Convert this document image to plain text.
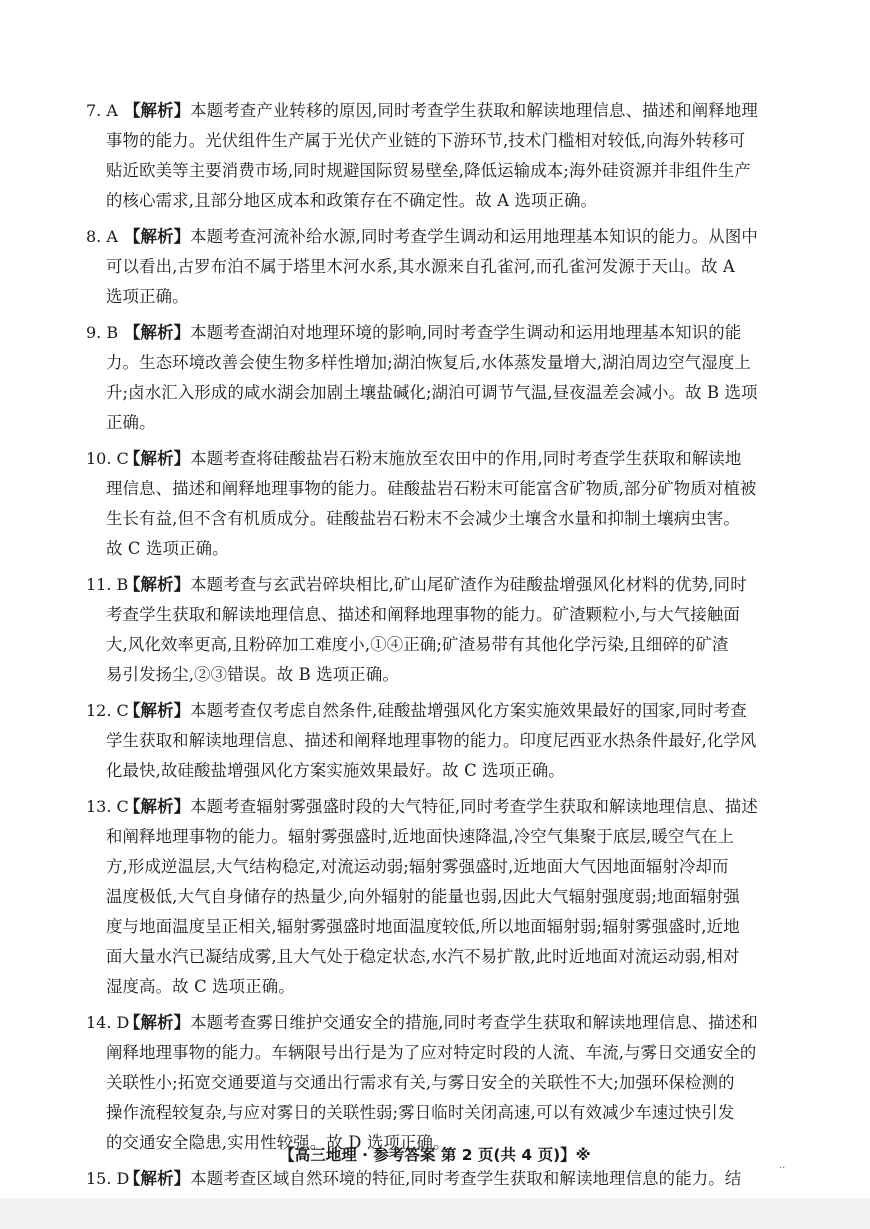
7. A 【解析】本题考查产业转移的原因,同时考查学生获取和解读地理信息、描述和阐释地理
事物的能力。光伏组件生产属于光伏产业链的下游环节,技术门槛相对较低,向海外转移可
贴近欧美等主要消费市场,同时规避国际贸易壁垒,降低运输成本;海外硅资源并非组件生产
的核心需求,且部分地区成本和政策存在不确定性。故 A 选项正确。
8. A 【解析】本题考查河流补给水源,同时考查学生调动和运用地理基本知识的能力。从图中
可以看出,古罗布泊不属于塔里木河水系,其水源来自孔雀河,而孔雀河发源于天山。故 A
选项正确。
9. B 【解析】本题考查湖泊对地理环境的影响,同时考查学生调动和运用地理基本知识的能
力。生态环境改善会使生物多样性增加;湖泊恢复后,水体蒸发量增大,湖泊周边空气湿度上
升;卤水汇入形成的咸水湖会加剧土壤盐碱化;湖泊可调节气温,昼夜温差会减小。故 B 选项
正确。
10. C
【解析】本题考查将硅酸盐岩石粉末施放至农田中的作用,同时考查学生获取和解读地
理信息、描述和阐释地理事物的能力。硅酸盐岩石粉末可能富含矿物质,部分矿物质对植被
生长有益,但不含有机质成分。硅酸盐岩石粉末不会减少土壤含水量和抑制土壤病虫害。
故 C 选项正确。
11. B
【解析】本题考查与玄武岩碎块相比,矿山尾矿渣作为硅酸盐增强风化材料的优势,同时
考查学生获取和解读地理信息、描述和阐释地理事物的能力。矿渣颗粒小,与大气接触面
大,风化效率更高,且粉碎加工难度小,①④正确;矿渣易带有其他化学污染,且细碎的矿渣
易引发扬尘,②③错误。故 B 选项正确。
12. C
【解析】本题考查仅考虑自然条件,硅酸盐增强风化方案实施效果最好的国家,同时考查
学生获取和解读地理信息、描述和阐释地理事物的能力。印度尼西亚水热条件最好,化学风
化最快,故硅酸盐增强风化方案实施效果最好。故 C 选项正确。
13. C
【解析】本题考查辐射雾强盛时段的大气特征,同时考查学生获取和解读地理信息、描述
和阐释地理事物的能力。辐射雾强盛时,近地面快速降温,冷空气集聚于底层,暖空气在上
方,形成逆温层,大气结构稳定,对流运动弱;辐射雾强盛时,近地面大气因地面辐射冷却而
温度极低,大气自身储存的热量少,向外辐射的能量也弱,因此大气辐射强度弱;地面辐射强
度与地面温度呈正相关,辐射雾强盛时地面温度较低,所以地面辐射弱;辐射雾强盛时,近地
面大量水汽已凝结成雾,且大气处于稳定状态,水汽不易扩散,此时近地面对流运动弱,相对
湿度高。故 C 选项正确。
14. D
【解析】本题考查雾日维护交通安全的措施,同时考查学生获取和解读地理信息、描述和
阐释地理事物的能力。车辆限号出行是为了应对特定时段的人流、车流,与雾日交通安全的
关联性小;拓宽交通要道与交通出行需求有关,与雾日安全的关联性不大;加强环保检测的
操作流程较复杂,与应对雾日的关联性弱;雾日临时关闭高速,可以有效减少车速过快引发
的交通安全隐患,实用性较强。故 D 选项正确。
15. D
【解析】本题考查区域自然环境的特征,同时考查学生获取和解读地理信息的能力。结
【高三地理 · 参考答案 第 2 页(共 4 页)】※
..
